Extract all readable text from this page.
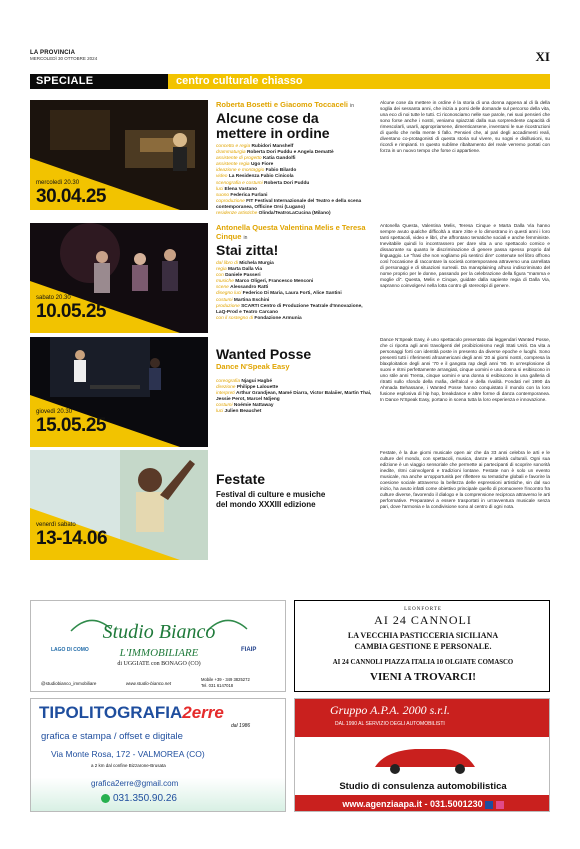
LA PROVINCIA
MERCOLEDÌ 30 OTTOBRE 2024	XI
SPECIALE	centro culturale chiasso
mercoledì 20.30
30.04.25
Roberta Bosetti e Giacomo Toccaceli in
Alcune cose da mettere in ordine
concetto e regia Rubidori Manshelf
drammaturgia Roberta Dori Puddu e Angela Demattè
assistente di progetto Katia Gandolfi
assistente regia Ugo Fiore
ideazione e montaggio Fabio Bilardo
video La Residenza Fabio Cinicola
scenografia e costumi Roberta Dori Puddu
luci Elena Vastano
suono Federica Furlani
coproduzione FIT Festival Internazionale del Teatro e della scena contemporanea, Officine Orsi (Lugano)
residenze artistiche Olinda/TeatroLaCucina (Milano)
Alcune cose da mettere in ordine è la storia di una donna appena al di là della soglia dei sessanta anni, che inizia a porsi delle domande sul percorso della vita, una eco di noi tutte le tutti. Ci riconosciamo nelle sue parole, nei suoi pensieri che sono forse anche i nostri, veniamo spiazzati dalla sua sorprendente capacità di rimescolarli, usarli, appropriarsene, dimenticarsene, inventarsi le sue ricostruzioni di quello che nella mente ti fallo. Pensieri che, al pari degli accadimenti reali, diventano co-protagonisti di questa storia sul vivere, su sogni e disillusioni, su ricordi e rimpianti. In questo sublime ribaltamento del reale verremo portati con forza in un nuovo tempo che forse ci appartiene.
sabato 20.30
10.05.25
Antonella Questa Valentina Melis e Teresa Cinque in
Stai zitta!
dal libro di Michela Murgia
regia Marta Dalla Via
con Daniele Passeri
musiche Marco Oligeri, Francesco Menconi
scene Alessandro Ratti
disegno luci Federico Di Maria, Laura Forti, Alice Santini
costumi Martina Eschini
produzione SCARTI Centro di Produzione Teatrale d'Innovazione, LaQ-Prod e Teatro Carcano
con il sostegno di Fondazione Armunia
Antonella Questa, Valentina Melis, Teresa Cinque e Marta Dalla Via hanno sempre avuto qualche difficoltà a stare zitte e lo dimostrano in questi anni i loro tanti spettacoli, video e libri, che affrontano tematiche sociali e anche femministe. Inevitabile quindi lo incontrassero per dare vita a uno spettacolo comico e dissacrante su quanto le discriminazione di genere passa spesso proprio dal linguaggio. Le "frasi che non vogliamo più sentirci dire" contenute nel libro offrono così l'occasione di raccontare la società contemporanea attraverso una carrellata di personaggi e di situazioni surreali. Da mansplaining all'uso indiscriminato del nome proprio per le donne, passando per la celebrazione della figura "mamma e moglie di". Questa, Melis e Cinque, guidate dalla sapiente regia di Dalla Via, sapranno coinvolgervi nella lotta contro gli stereotipi di genere.
giovedì 20.30
15.05.25
Wanted Posse
Dance N'Speak Easy
coreografia Njagui Hagbé
direzione Philippe Lalouette
interpreti Arthur Grandjean, Mamé Diarra, Victor Balaiier, Martin Thai, Jessie Perot, Marcel Ndjeng
costumi Noémie Nattaway
luci Julien Beauchet
Dance N'Speak Easy, è uno spettacolo presentato dai leggendari Wanted Posse, che ci riporta agli anni travolgenti del proibizionismo negli Stati Uniti. Da vita a personaggi forti con identità poste in presento da diverse epoche e luoghi. Sono presenti tutti i riferimenti afroamericani degli anni '20 ai giorni nostri, compresa la blaxploitation degli anni '70 e il gangsta rap degli anni '90. In un'esplosione di suoni e ritmi perfettamente arrangiati, cinque uomini e una donna si esibiscono in uno stile anni Trenta, cinque uomini e una donna si esibiscono in una galleria di ritratti sullo sfondo della mafia, dell'alcol e della rivalità. Fondati nel 1990 da Ahmada Behassane, i Wanted Posse hanno conquistato il mondo con la loro fusione esplosiva di hip hop, breakdance e altre forme di danza contemporanea. In Dance N'Speak Easy, portano in scena tutta la loro esperienza e innovazione.
venerdì sabato
13-14.06
Festate
Festival di culture e musiche del mondo XXXIII edizione
Festate, è la due giorni musicale open air che da 33 anni celebra le arti e le culture del mondo, con spettacoli, musica, danze e attività culturali. Ogni sua edizione è un viaggio sensoriale che permette ai partecipanti di scoprire sonorità inedite, ritmi coinvolgenti e tradizioni lontane. Festate non è solo un evento musicale, ma anche un'opportunità per riflettere su tematiche globali e favorire la coesione sociale attraverso la bellezza delle espressioni artistiche, sin dal suo inizio, ha avuto infatti come obiettivo principale quello di promuovere l'incontro fra culture diverse, favorendo il dialogo e la comprensione reciproca attraverso le arti performative. Preparatevi a essere trasportati in un'avventura musicale senza pari, dove l'armonia e la condivisione sono al centro di ogni nota.
Studio Bianco
L'IMMOBILIARE
di UGGIATE con BONAGO (CO)
LAGO DI COMO	FIAIP
@studiobianco_immobiliare	www.studio-bianco.net
Mobile +39 - 349 3825272
Tel. 031 6147018
LEONFORTE
AI 24 CANNOLI
LA VECCHIA PASTICCERIA SICILIANA
CAMBIA GESTIONE E PERSONALE.
AI 24 CANNOLI PIAZZA ITALIA 10 OLGIATE COMASCO
VIENI A TROVARCI!
TIPOLITOGRAFIA2erre
dal 1986
grafica e stampa / offset e digitale
Via Monte Rosa, 172 - VALMOREA (CO)
a 2 km dal confine Bizzarone-Brusata
grafica2erre@gmail.com
031.350.90.26
Gruppo A.P.A. 2000 s.r.l.
DAL 1990 AL SERVIZIO DEGLI AUTOMOBILISTI
Studio di consulenza automobilistica
www.agenziaapa.it - 031.5001230
